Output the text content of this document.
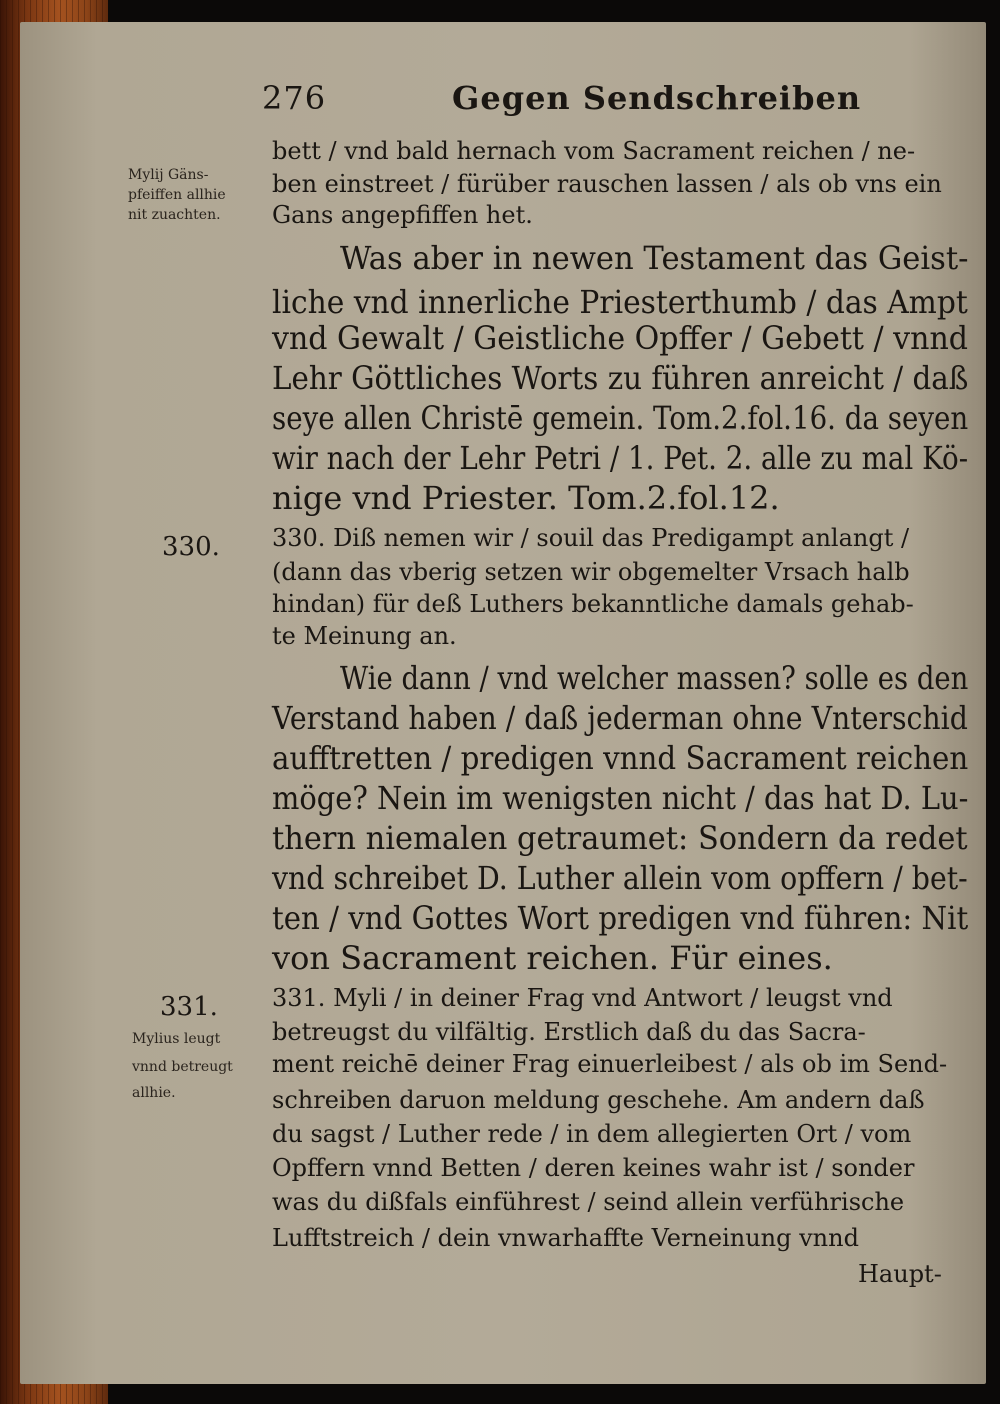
276	Gegen Sendschreiben
Mylij Gäns-
pfeiffen allhie
nit zuachten.
330.
331.
Mylius leugt
vnnd betreugt
allhie.
bett / vnd bald hernach vom Sacrament reichen / ne-
ben einstreet / fürüber rauschen lassen / als ob vns ein
Gans angepfiffen het.
Was aber in newen Testament das Geist-
liche vnd innerliche Priesterthumb / das Ampt
vnd Gewalt / Geistliche Opffer / Gebett / vnnd
Lehr Göttliches Worts zu führen anreicht / daß
seye allen Christē gemein. Tom.2.fol.16. da seyen
wir nach der Lehr Petri / 1. Pet. 2. alle zu mal Kö-
nige vnd Priester. Tom.2.fol.12.
330. Diß nemen wir / souil das Predigampt anlangt /
(dann das vberig setzen wir obgemelter Vrsach halb
hindan) für deß Luthers bekanntliche damals gehab-
te Meinung an.
Wie dann / vnd welcher massen? solle es den
Verstand haben / daß jederman ohne Vnterschid
aufftretten / predigen vnnd Sacrament reichen
möge? Nein im wenigsten nicht / das hat D. Lu-
thern niemalen getraumet: Sondern da redet
vnd schreibet D. Luther allein vom opffern / bet-
ten / vnd Gottes Wort predigen vnd führen: Nit
von Sacrament reichen. Für eines.
331. Myli / in deiner Frag vnd Antwort / leugst vnd
betreugst du vilfältig. Erstlich daß du das Sacra-
ment reichē deiner Frag einuerleibest / als ob im Send-
schreiben daruon meldung geschehe. Am andern daß
du sagst / Luther rede / in dem allegierten Ort / vom
Opffern vnnd Betten / deren keines wahr ist / sonder
was du dißfals einführest / seind allein verführische
Lufftstreich / dein vnwarhaffte Verneinung vnnd
Haupt-
